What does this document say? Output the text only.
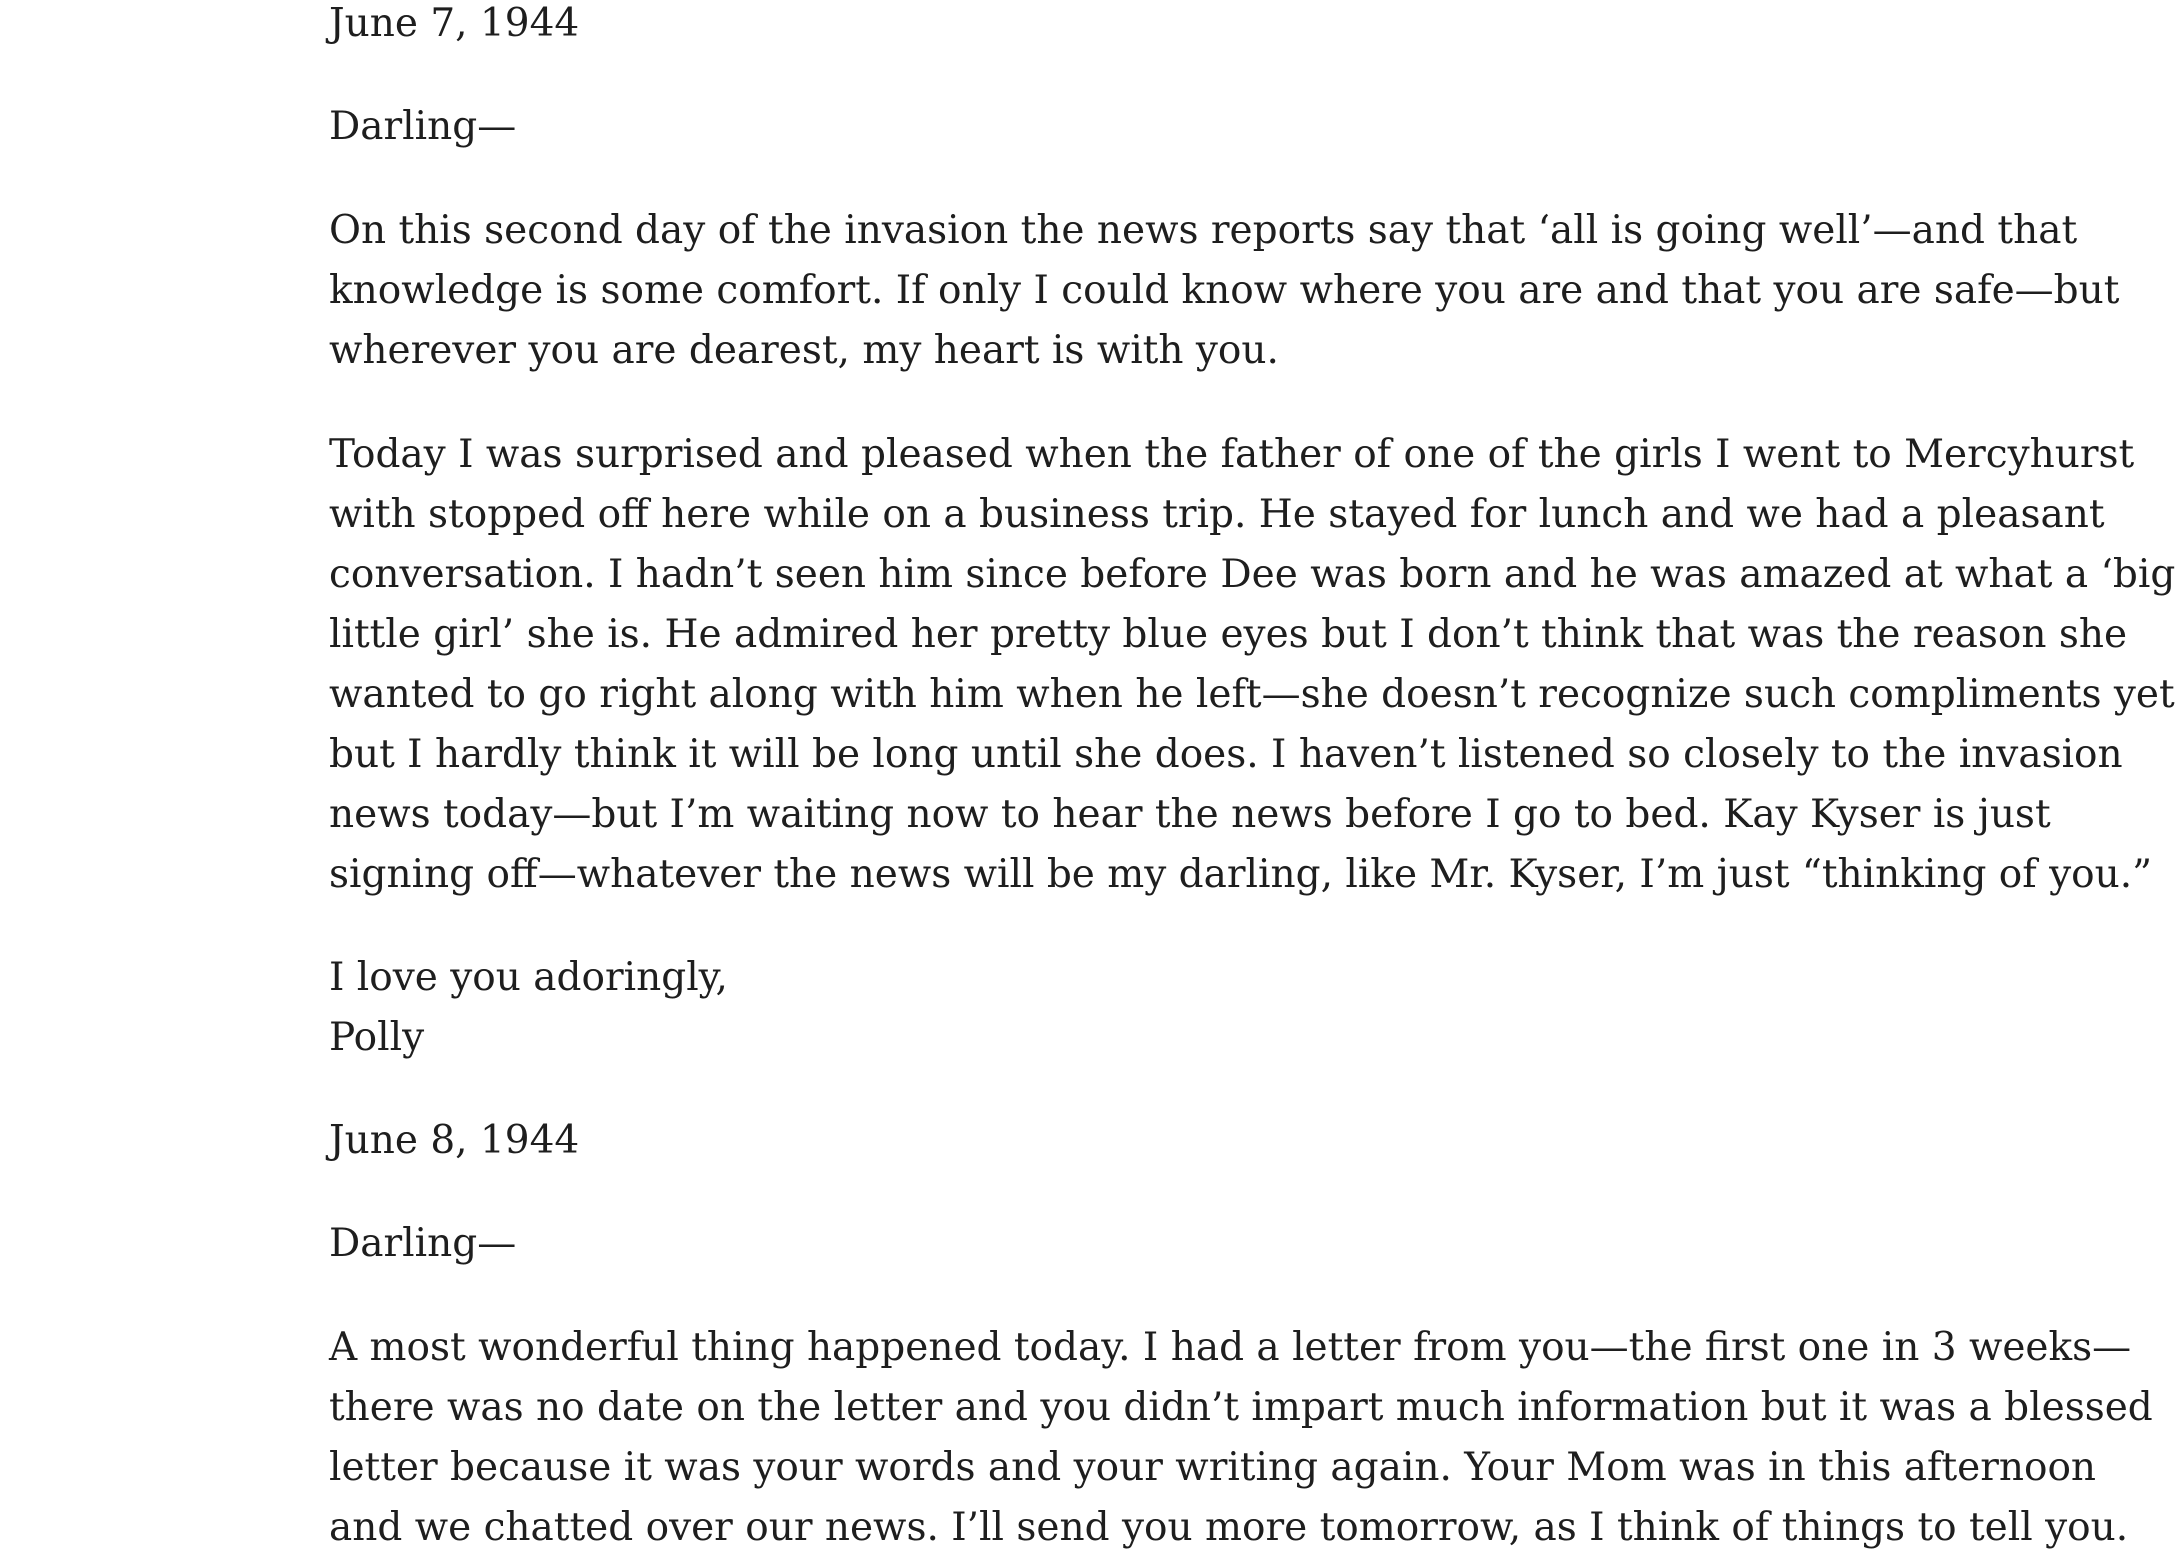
June 7, 1944
Darling—
On this second day of the invasion the news reports say that ‘all is going well’—and that
knowledge is some comfort. If only I could know where you are and that you are safe—but
wherever you are dearest, my heart is with you.
Today I was surprised and pleased when the father of one of the girls I went to Mercyhurst
with stopped off here while on a business trip. He stayed for lunch and we had a pleasant
conversation. I hadn’t seen him since before Dee was born and he was amazed at what a ‘big
little girl’ she is. He admired her pretty blue eyes but I don’t think that was the reason she
wanted to go right along with him when he left—she doesn’t recognize such compliments yet
but I hardly think it will be long until she does. I haven’t listened so closely to the invasion
news today—but I’m waiting now to hear the news before I go to bed. Kay Kyser is just
signing off—whatever the news will be my darling, like Mr. Kyser, I’m just “thinking of you.”
I love you adoringly,
Polly
June 8, 1944
Darling—
A most wonderful thing happened today. I had a letter from you—the first one in 3 weeks—
there was no date on the letter and you didn’t impart much information but it was a blessed
letter because it was your words and your writing again. Your Mom was in this afternoon
and we chatted over our news. I’ll send you more tomorrow, as I think of things to tell you.
